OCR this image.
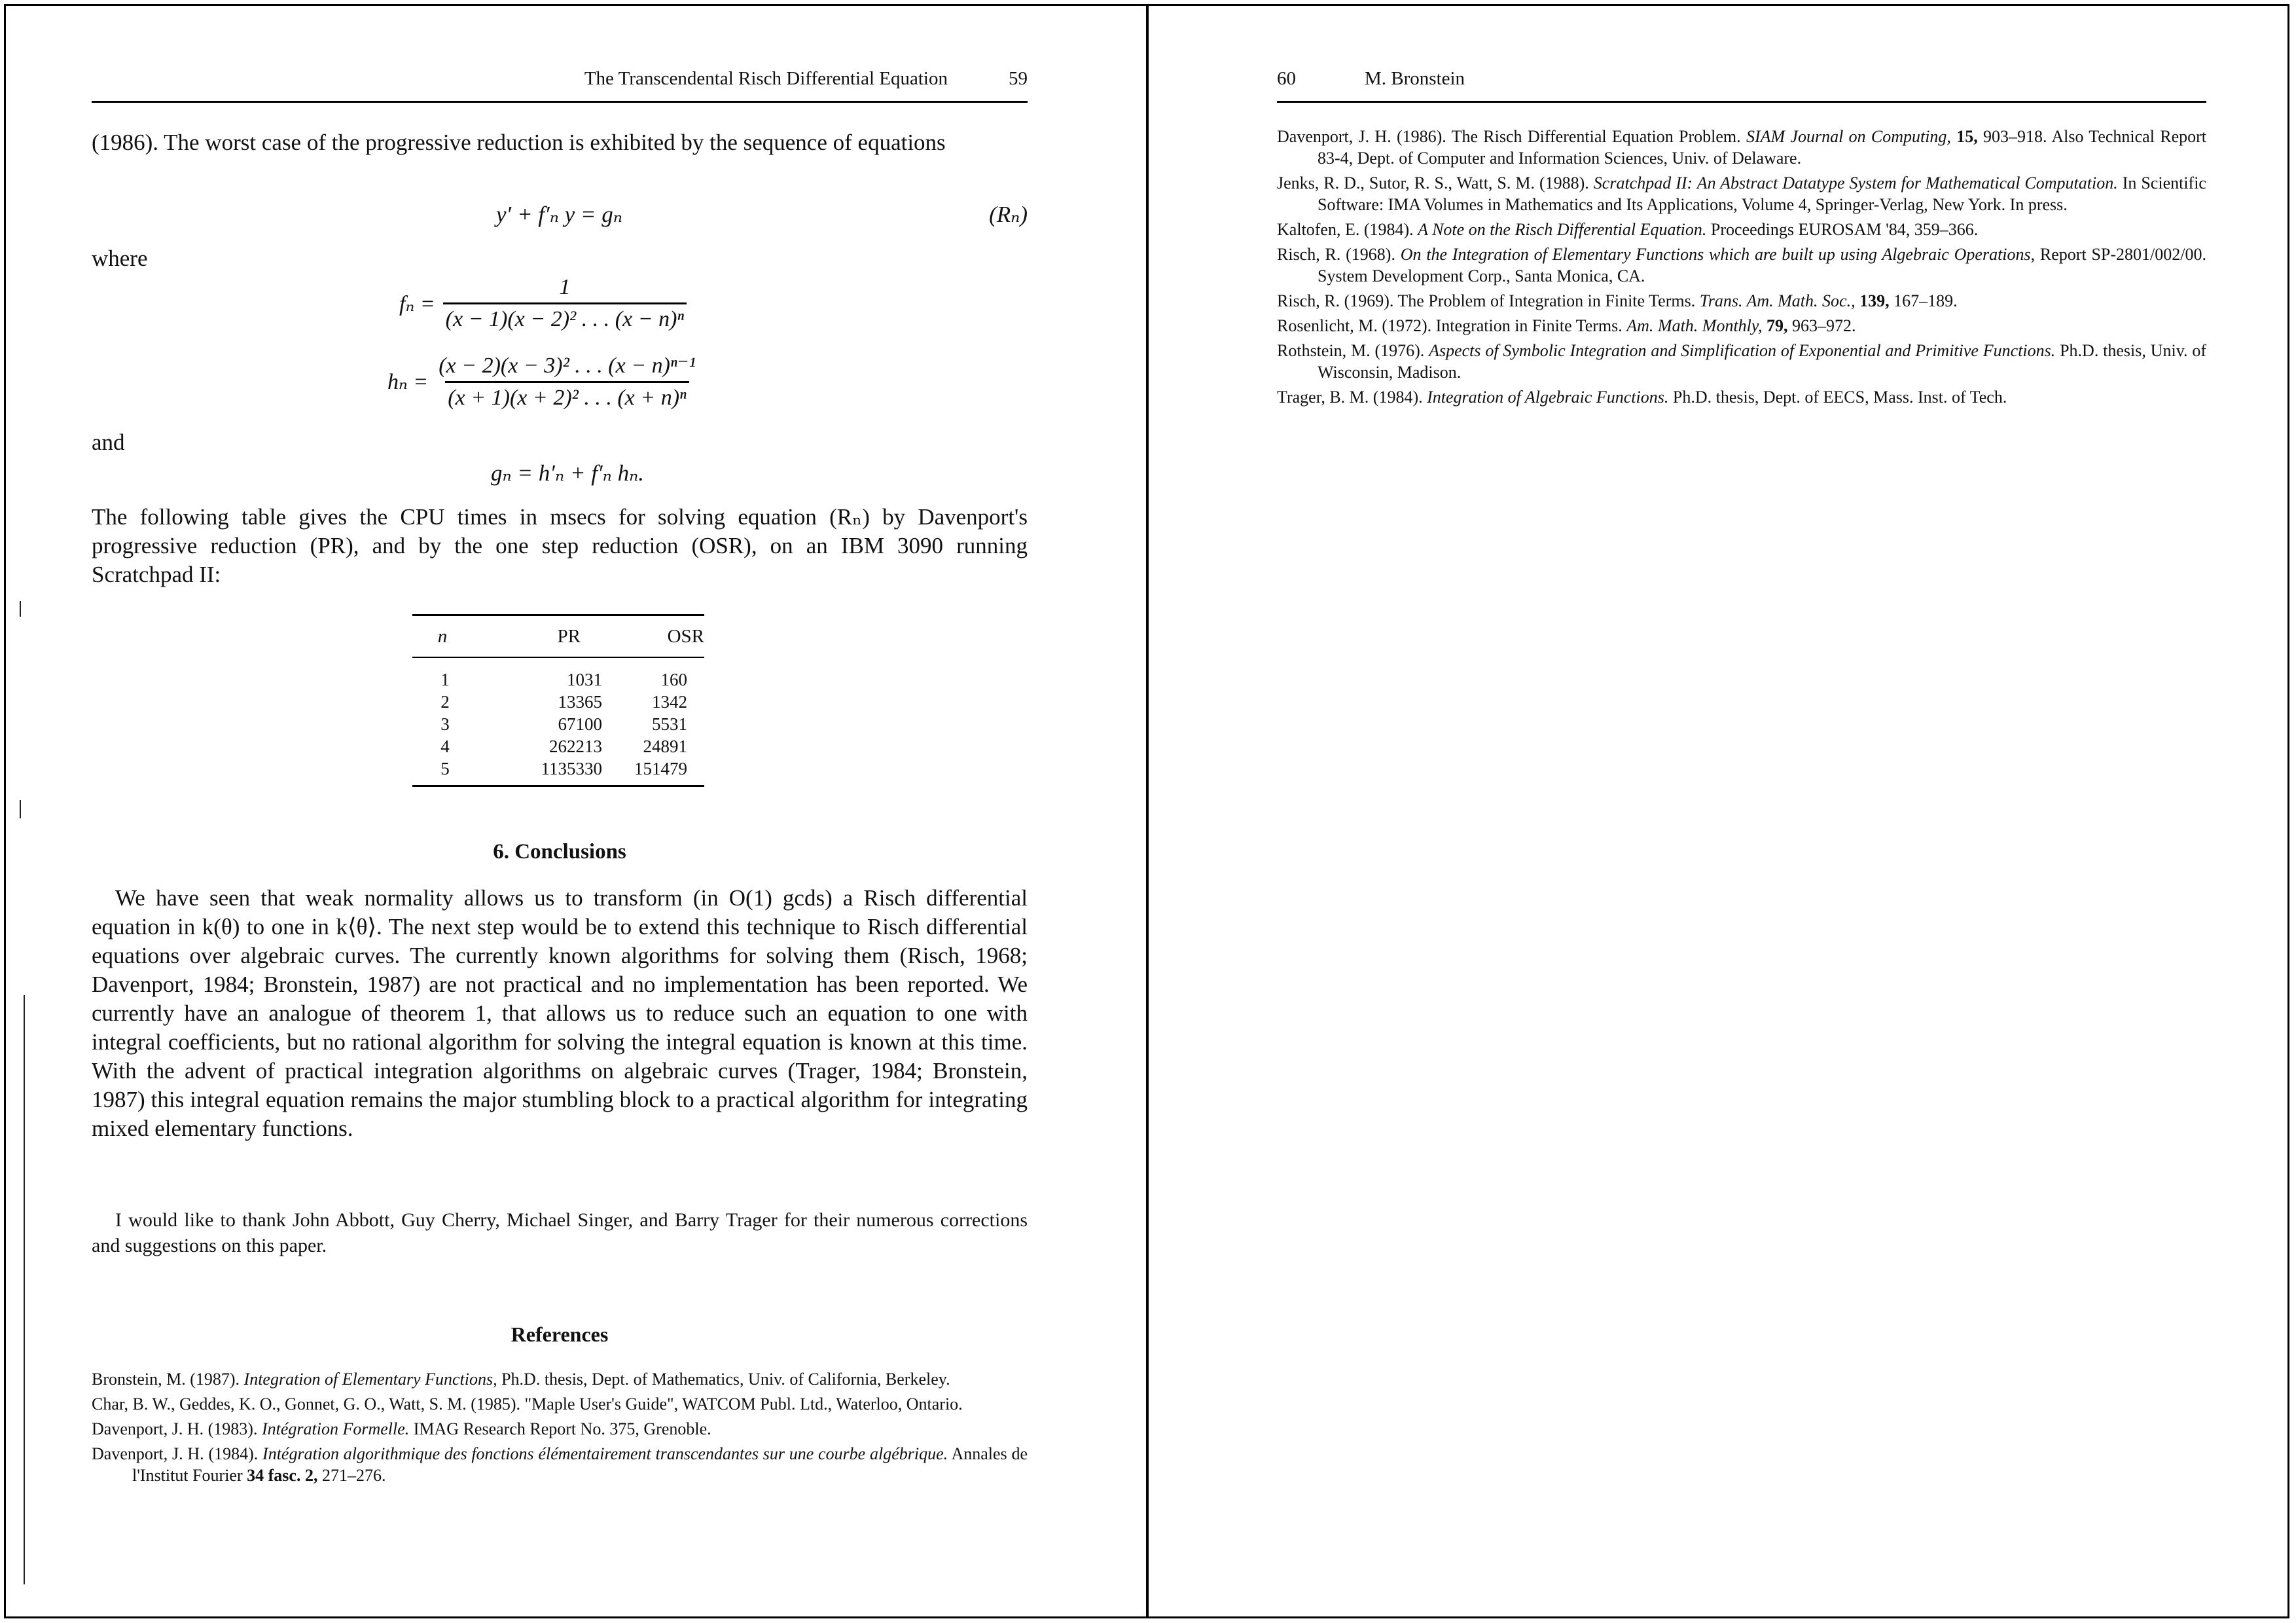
The Transcendental Risch Differential Equation	59
(1986). The worst case of the progressive reduction is exhibited by the sequence of equations
y′ + f′ₙ y = gₙ	(Rₙ)
where
$f_n = \frac{1}{\text{(x − 1)(x − 2)² . . . (x − n)ⁿ}}$
$h_n = \frac{\text{(x − 2)(x − 3)² . . . (x − n)ⁿ⁻¹}}{\text{(x + 1)(x + 2)² . . . (x + n)ⁿ}}$
and
gₙ = h′ₙ + f′ₙ hₙ.
The following table gives the CPU times in msecs for solving equation (Rₙ) by Davenport's progressive reduction (PR), and by the one step reduction (OSR), on an IBM 3090 running Scratchpad II:
n	PR	OSR
1	1031	160
2	13365	1342
3	67100	5531
4	262213	24891
5	1135330	151479
6. Conclusions
We have seen that weak normality allows us to transform (in O(1) gcds) a Risch differential equation in k(θ) to one in k⟨θ⟩. The next step would be to extend this technique to Risch differential equations over algebraic curves. The currently known algorithms for solving them (Risch, 1968; Davenport, 1984; Bronstein, 1987) are not practical and no implementation has been reported. We currently have an analogue of theorem 1, that allows us to reduce such an equation to one with integral coefficients, but no rational algorithm for solving the integral equation is known at this time. With the advent of practical integration algorithms on algebraic curves (Trager, 1984; Bronstein, 1987) this integral equation remains the major stumbling block to a practical algorithm for integrating mixed elementary functions.
I would like to thank John Abbott, Guy Cherry, Michael Singer, and Barry Trager for their numerous corrections and suggestions on this paper.
References
Bronstein, M. (1987). Integration of Elementary Functions, Ph.D. thesis, Dept. of Mathematics, Univ. of California, Berkeley.
Char, B. W., Geddes, K. O., Gonnet, G. O., Watt, S. M. (1985). "Maple User's Guide", WATCOM Publ. Ltd., Waterloo, Ontario.
Davenport, J. H. (1983). Intégration Formelle. IMAG Research Report No. 375, Grenoble.
Davenport, J. H. (1984). Intégration algorithmique des fonctions élémentairement transcendantes sur une courbe algébrique. Annales de l'Institut Fourier 34 fasc. 2, 271–276.
60	M. Bronstein
Davenport, J. H. (1986). The Risch Differential Equation Problem. SIAM Journal on Computing, 15, 903–918. Also Technical Report 83-4, Dept. of Computer and Information Sciences, Univ. of Delaware.
Jenks, R. D., Sutor, R. S., Watt, S. M. (1988). Scratchpad II: An Abstract Datatype System for Mathematical Computation. In Scientific Software: IMA Volumes in Mathematics and Its Applications, Volume 4, Springer-Verlag, New York. In press.
Kaltofen, E. (1984). A Note on the Risch Differential Equation. Proceedings EUROSAM '84, 359–366.
Risch, R. (1968). On the Integration of Elementary Functions which are built up using Algebraic Operations, Report SP-2801/002/00. System Development Corp., Santa Monica, CA.
Risch, R. (1969). The Problem of Integration in Finite Terms. Trans. Am. Math. Soc., 139, 167–189.
Rosenlicht, M. (1972). Integration in Finite Terms. Am. Math. Monthly, 79, 963–972.
Rothstein, M. (1976). Aspects of Symbolic Integration and Simplification of Exponential and Primitive Functions. Ph.D. thesis, Univ. of Wisconsin, Madison.
Trager, B. M. (1984). Integration of Algebraic Functions. Ph.D. thesis, Dept. of EECS, Mass. Inst. of Tech.
